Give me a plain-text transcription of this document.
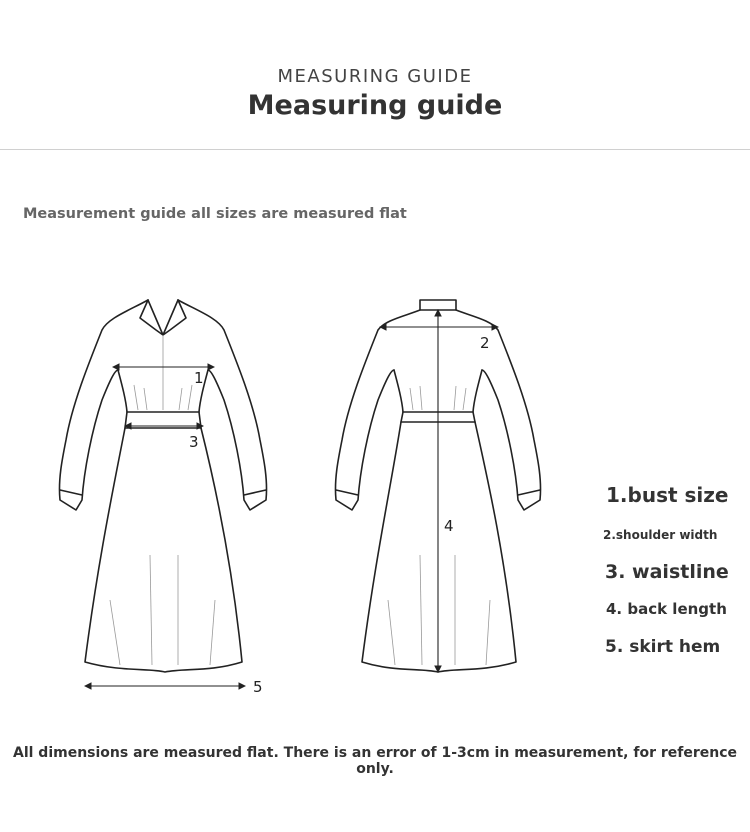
MEASURING GUIDE
Measuring guide
Measurement guide all sizes are measured flat
1
3
5
2
4
1.bust size
2.shoulder width
3. waistline
4. back length
5. skirt hem
All dimensions are measured flat. There is an error of 1-3cm in measurement, for reference only.
